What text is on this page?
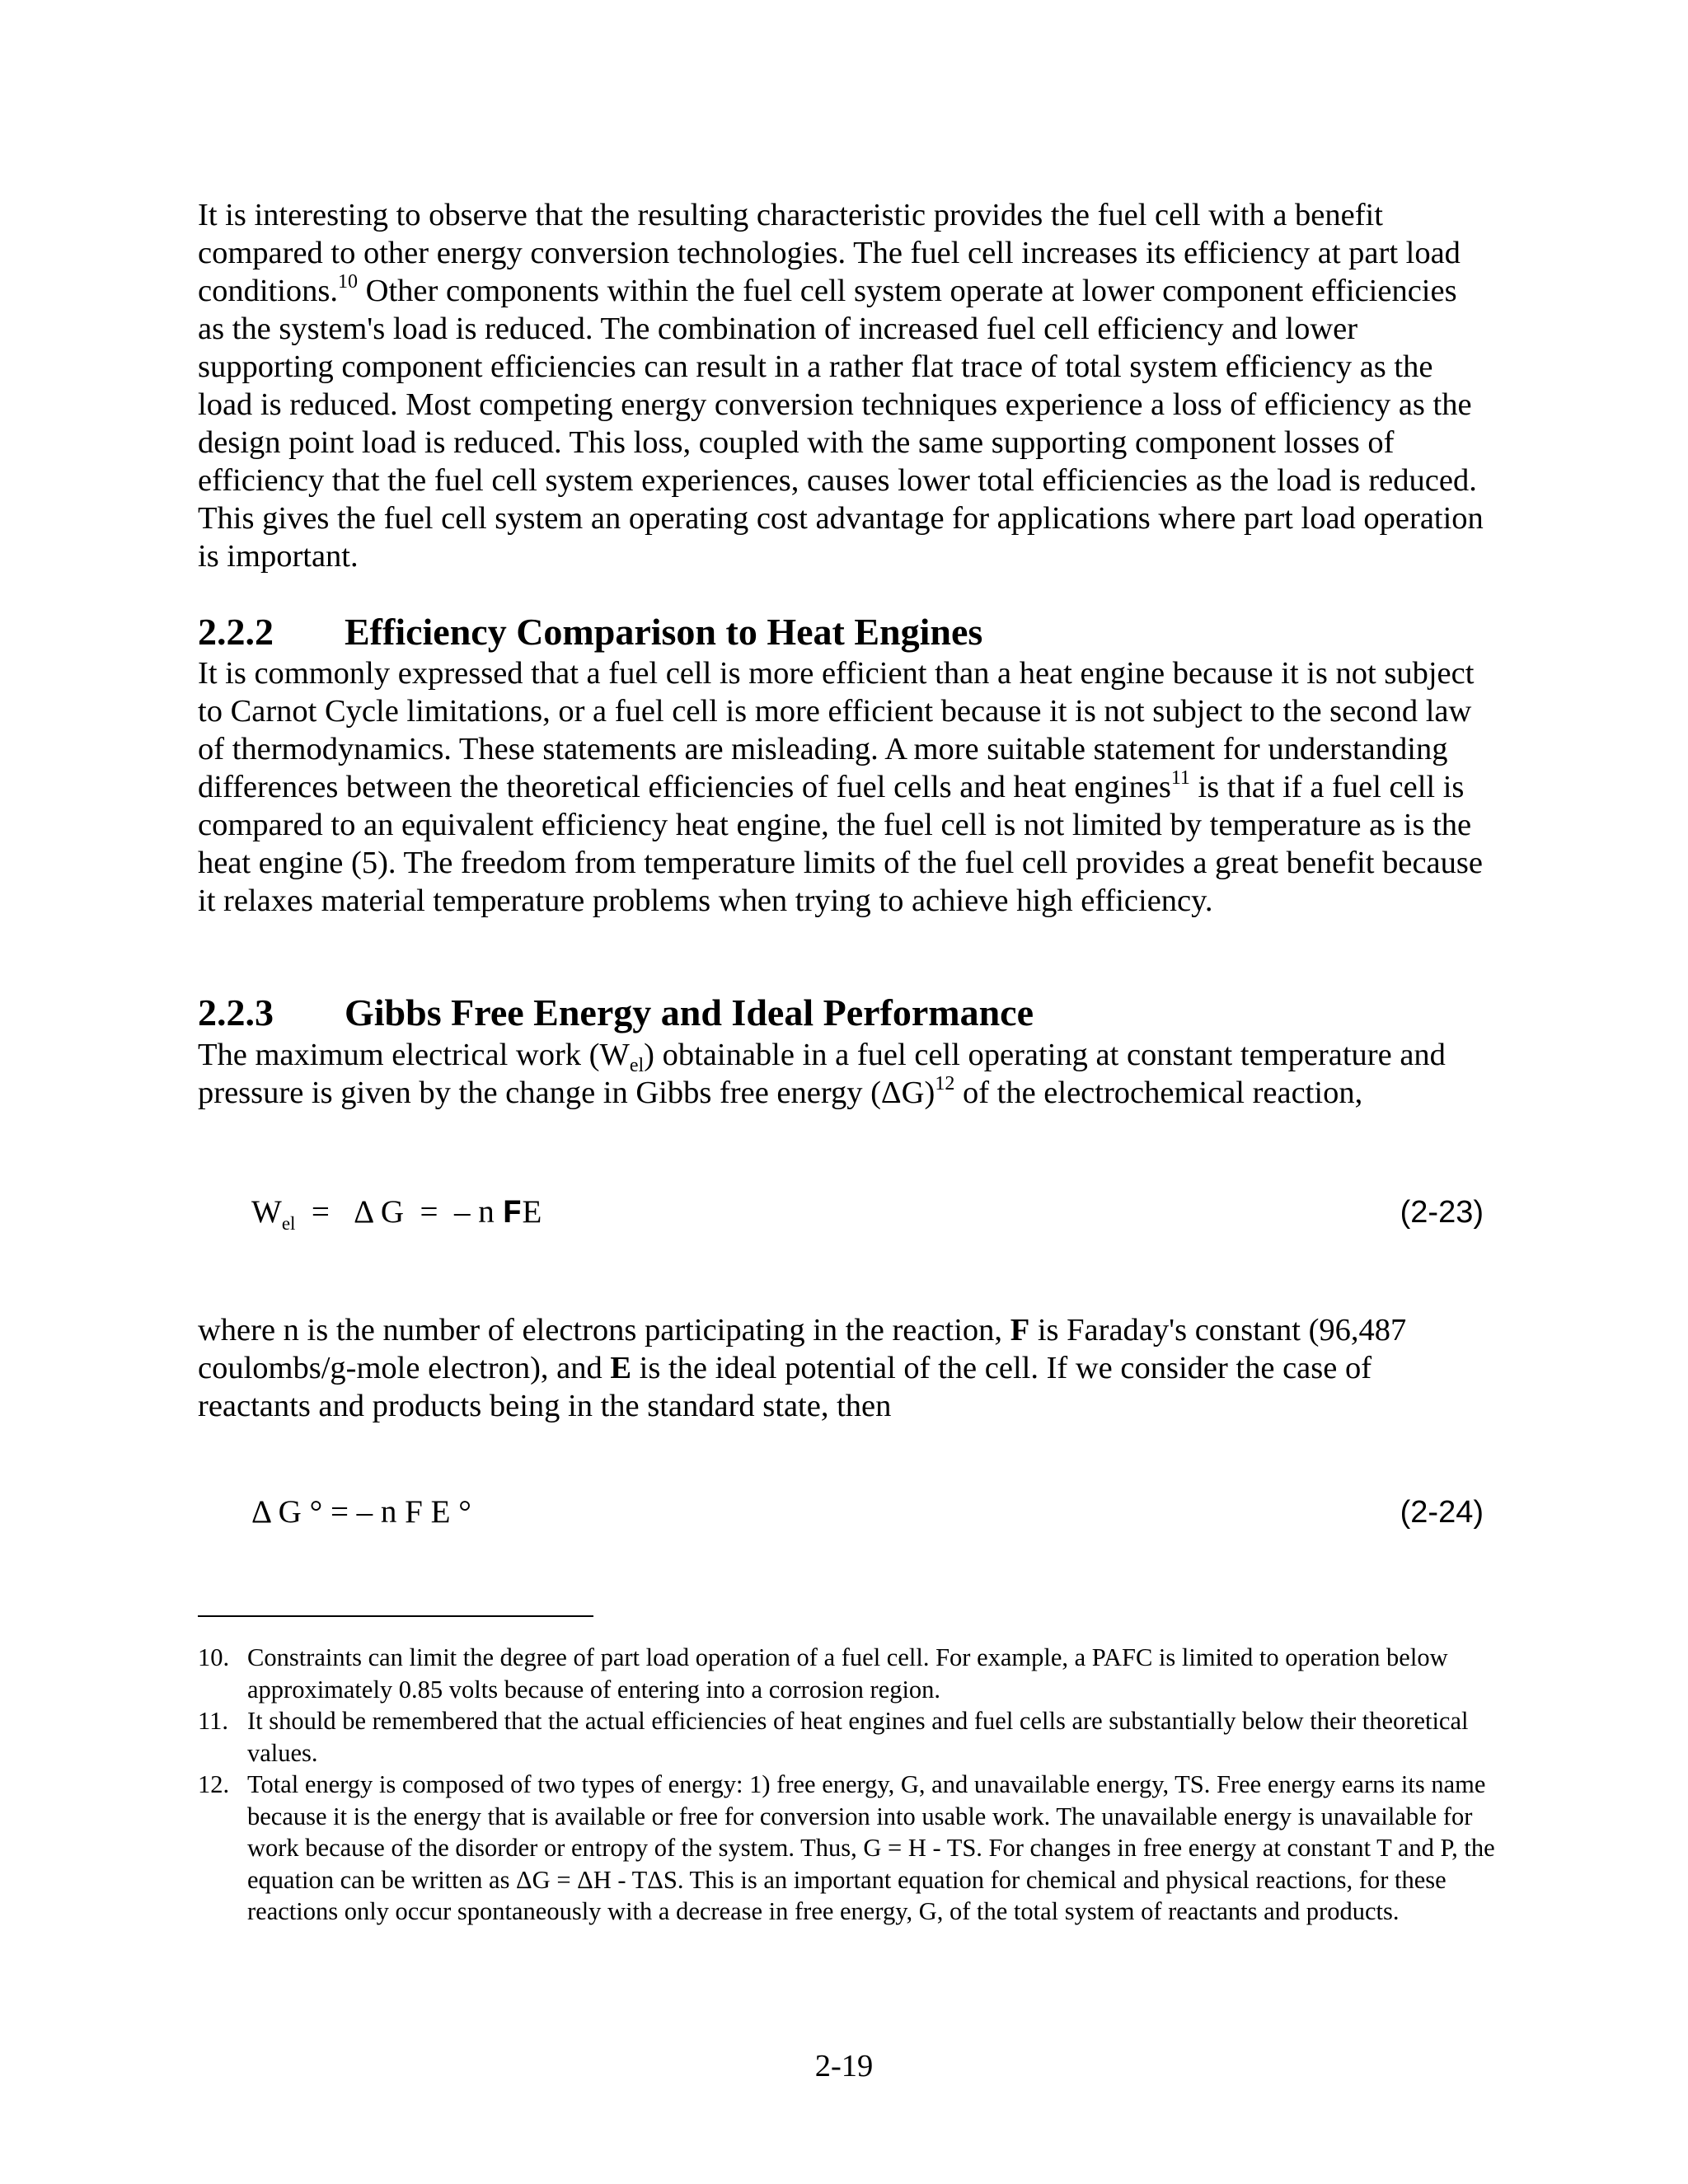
It is interesting to observe that the resulting characteristic provides the fuel cell with a benefit compared to other energy conversion technologies. The fuel cell increases its efficiency at part load conditions.$^{10}$ Other components within the fuel cell system operate at lower component efficiencies as the system's load is reduced. The combination of increased fuel cell efficiency and lower supporting component efficiencies can result in a rather flat trace of total system efficiency as the load is reduced. Most competing energy conversion techniques experience a loss of efficiency as the design point load is reduced. This loss, coupled with the same supporting component losses of efficiency that the fuel cell system experiences, causes lower total efficiencies as the load is reduced. This gives the fuel cell system an operating cost advantage for applications where part load operation is important.

2.2.2 Efficiency Comparison to Heat Engines

It is commonly expressed that a fuel cell is more efficient than a heat engine because it is not subject to Carnot Cycle limitations, or a fuel cell is more efficient because it is not subject to the second law of thermodynamics. These statements are misleading. A more suitable statement for understanding differences between the theoretical efficiencies of fuel cells and heat engines$^{11}$ is that if a fuel cell is compared to an equivalent efficiency heat engine, the fuel cell is not limited by temperature as is the heat engine (5). The freedom from temperature limits of the fuel cell provides a great benefit because it relaxes material temperature problems when trying to achieve high efficiency.

2.2.3 Gibbs Free Energy and Ideal Performance

The maximum electrical work $(W_{el})$ obtainable in a fuel cell operating at constant temperature and pressure is given by the change in Gibbs free energy $(\Delta G)^{12}$ of the electrochemical reaction,

$W_{el} = \Delta$ G  =  – n FE	(2-23)

where n is the number of electrons participating in the reaction, F is Faraday's constant (96,487 coulombs/g-mole electron), and E is the ideal potential of the cell. If we consider the case of reactants and products being in the standard state, then

Δ G ° = – n F E °	(2-24)
10. Constraints can limit the degree of part load operation of a fuel cell. For example, a PAFC is limited to operation below approximately 0.85 volts because of entering into a corrosion region.
11. It should be remembered that the actual efficiencies of heat engines and fuel cells are substantially below their theoretical values.
12. Total energy is composed of two types of energy: 1) free energy, G, and unavailable energy, TS. Free energy earns its name because it is the energy that is available or free for conversion into usable work. The unavailable energy is unavailable for work because of the disorder or entropy of the system. Thus, G = H - TS. For changes in free energy at constant T and P, the equation can be written as ΔG = ΔH - TΔS. This is an important equation for chemical and physical reactions, for these reactions only occur spontaneously with a decrease in free energy, G, of the total system of reactants and products.
2-19
